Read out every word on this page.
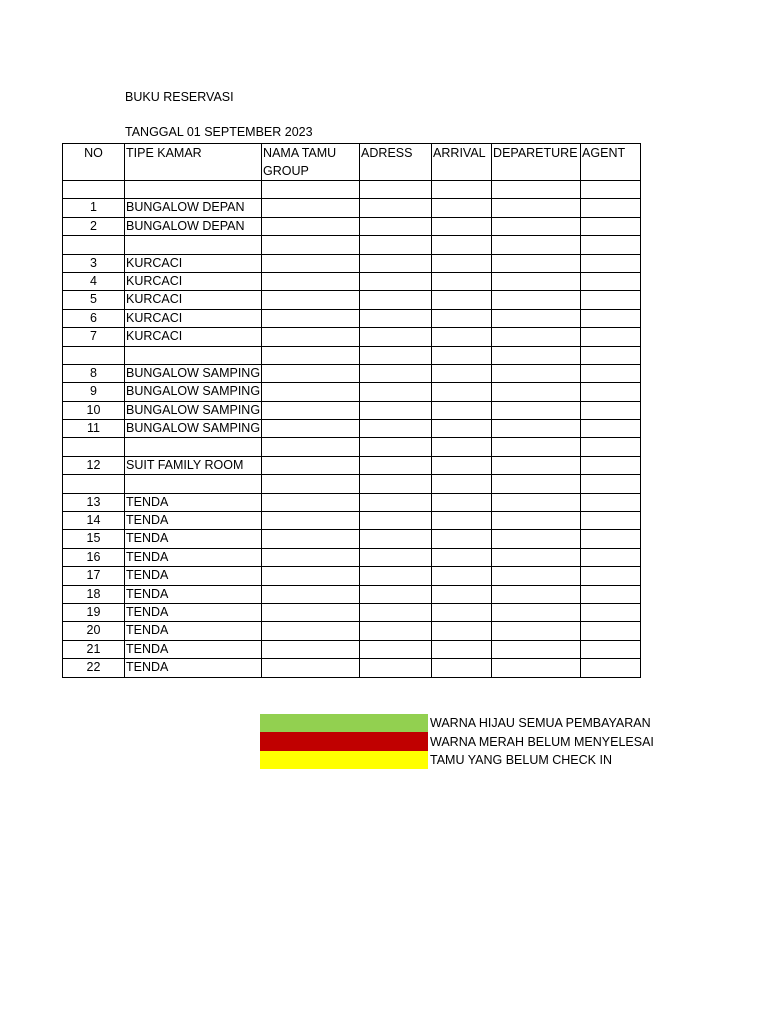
BUKU RESERVASI
TANGGAL 01 SEPTEMBER 2023
NO	TIPE KAMAR	NAMA TAMU GROUP	ADRESS	ARRIVAL	DEPARETURE	AGENT

1	BUNGALOW DEPAN					
2	BUNGALOW DEPAN					

3	KURCACI					
4	KURCACI					
5	KURCACI					
6	KURCACI					
7	KURCACI					

8	BUNGALOW SAMPING					
9	BUNGALOW SAMPING					
10	BUNGALOW SAMPING					
11	BUNGALOW SAMPING					

12	SUIT FAMILY ROOM					

13	TENDA					
14	TENDA					
15	TENDA					
16	TENDA					
17	TENDA					
18	TENDA					
19	TENDA					
20	TENDA					
21	TENDA					
22	TENDA					
WARNA HIJAU SEMUA PEMBAYARAN
WARNA MERAH BELUM MENYELESAI
TAMU YANG BELUM CHECK IN
